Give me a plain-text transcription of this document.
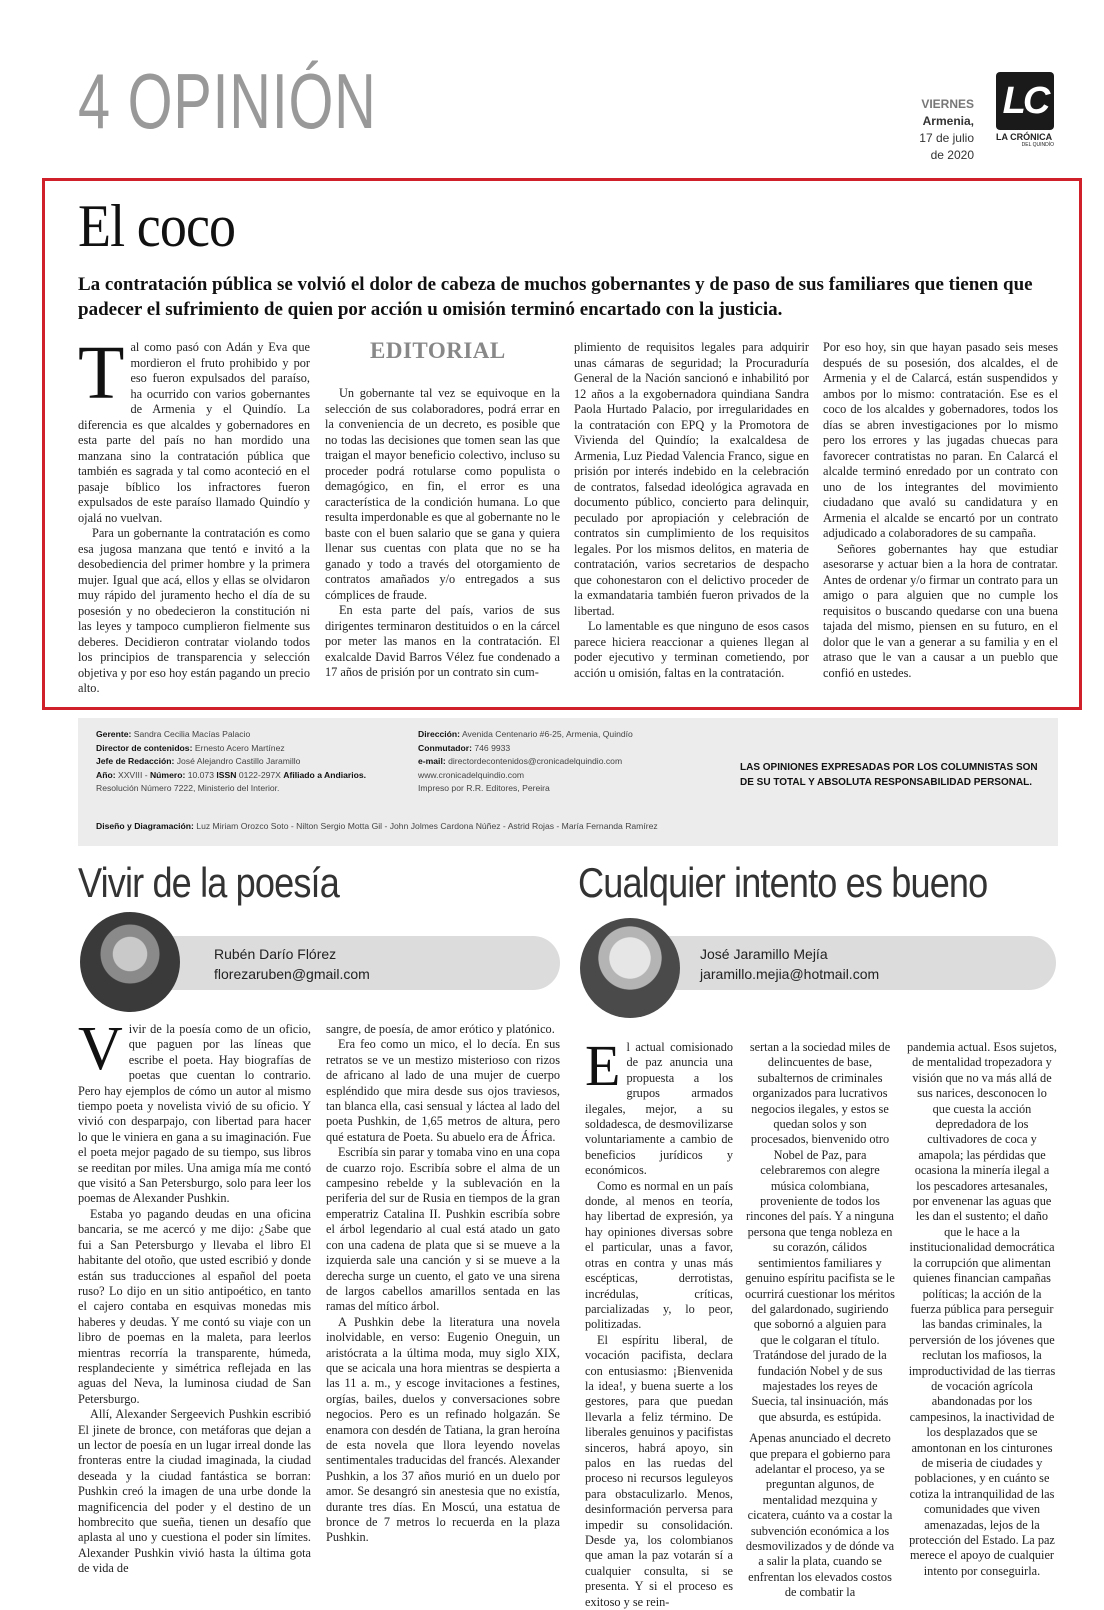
4 OPINIÓN	VIERNES
Armenia,
17 de julio
de 2020
LC
LA CRÓNICA
DEL QUINDÍO
El coco
La contratación pública se volvió el dolor de cabeza de muchos gobernantes y de paso de sus familiares que tienen que padecer el sufrimiento de quien por acción u omisión terminó encartado con la justicia.
T al como pasó con Adán y Eva que mordieron el fruto prohibido y por eso fueron expulsados del paraíso, ha ocurrido con varios gobernantes de Armenia y el Quindío. La diferencia es que alcaldes y gobernadores en esta parte del país no han mordido una manzana sino la contratación pública que también es sagrada y tal como aconteció en el pasaje bíblico los infractores fueron expulsados de este paraíso llamado Quindío y ojalá no vuelvan.

Para un gobernante la contratación es como esa jugosa manzana que tentó e invitó a la desobediencia del primer hombre y la primera mujer. Igual que acá, ellos y ellas se olvidaron muy rápido del juramento hecho el día de su posesión y no obedecieron la constitución ni las leyes y tampoco cumplieron fielmente sus deberes. Decidieron contratar violando todos los principios de transparencia y selección objetiva y por eso hoy están pagando un precio alto.

EDITORIAL

Un gobernante tal vez se equivoque en la selección de sus colaboradores, podrá errar en la conveniencia de un decreto, es posible que no todas las decisiones que tomen sean las que traigan el mayor beneficio colectivo, incluso su proceder podrá rotularse como populista o demagógico, en fin, el error es una característica de la condición humana. Lo que resulta imperdonable es que al gobernante no le baste con el buen salario que se gana y quiera llenar sus cuentas con plata que no se ha ganado y todo a través del otorgamiento de contratos amañados y/o entregados a sus cómplices de fraude.

En esta parte del país, varios de sus dirigentes terminaron destituidos o en la cárcel por meter las manos en la contratación. El exalcalde David Barros Vélez fue condenado a 17 años de prisión por un contrato sin cum-

plimiento de requisitos legales para adquirir unas cámaras de seguridad; la Procuraduría General de la Nación sancionó e inhabilitó por 12 años a la exgobernadora quindiana Sandra Paola Hurtado Palacio, por irregularidades en la contratación con EPQ y la Promotora de Vivienda del Quindío; la exalcaldesa de Armenia, Luz Piedad Valencia Franco, sigue en prisión por interés indebido en la celebración de contratos, falsedad ideológica agravada en documento público, concierto para delinquir, peculado por apropiación y celebración de contratos sin cumplimiento de los requisitos legales. Por los mismos delitos, en materia de contratación, varios secretarios de despacho que cohonestaron con el delictivo proceder de la exmandataria también fueron privados de la libertad.

Lo lamentable es que ninguno de esos casos parece hiciera reaccionar a quienes llegan al poder ejecutivo y terminan cometiendo, por acción u omisión, faltas en la contratación.

Por eso hoy, sin que hayan pasado seis meses después de su posesión, dos alcaldes, el de Armenia y el de Calarcá, están suspendidos y ambos por lo mismo: contratación. Ese es el coco de los alcaldes y gobernadores, todos los días se abren investigaciones por lo mismo pero los errores y las jugadas chuecas para favorecer contratistas no paran. En Calarcá el alcalde terminó enredado por un contrato con uno de los integrantes del movimiento ciudadano que avaló su candidatura y en Armenia el alcalde se encartó por un contrato adjudicado a colaboradores de su campaña.

Señores gobernantes hay que estudiar asesorarse y actuar bien a la hora de contratar. Antes de ordenar y/o firmar un contrato para un amigo o para alguien que no cumple los requisitos o buscando quedarse con una buena tajada del mismo, piensen en su futuro, en el dolor que le van a generar a su familia y en el atraso que le van a causar a un pueblo que confió en ustedes.

Gerente: Sandra Cecilia Macías Palacio
Director de contenidos: Ernesto Acero Martínez
Jefe de Redacción: José Alejandro Castillo Jaramillo
Año: XXVIII - Número: 10.073 ISSN 0122-297X Afiliado a Andiarios.
Resolución Número 7222, Ministerio del Interior.
Dirección: Avenida Centenario #6-25, Armenia, Quindío
Conmutador: 746 9933
e-mail: directordecontenidos@cronicadelquindio.com
www.cronicadelquindio.com
Impreso por R.R. Editores, Pereira
LAS OPINIONES EXPRESADAS POR LOS COLUMNISTAS SON DE SU TOTAL Y ABSOLUTA RESPONSABILIDAD PERSONAL.
Diseño y Diagramación: Luz Miriam Orozco Soto - Nilton Sergio Motta Gil - John Jolmes Cardona Núñez - Astrid Rojas - María Fernanda Ramírez
Vivir de la poesía
Rubén Darío Flórez
florezaruben@gmail.com
V ivir de la poesía como de un oficio, que paguen por las líneas que escribe el poeta. Hay biografías de poetas que cuentan lo contrario. Pero hay ejemplos de cómo un autor al mismo tiempo poeta y novelista vivió de su oficio. Y vivió con desparpajo, con libertad para hacer lo que le viniera en gana a su imaginación. Fue el poeta mejor pagado de su tiempo, sus libros se reeditan por miles. Una amiga mía me contó que visitó a San Petersburgo, solo para leer los poemas de Alexander Pushkin.

Estaba yo pagando deudas en una oficina bancaria, se me acercó y me dijo: ¿Sabe que fui a San Petersburgo y llevaba el libro El habitante del otoño, que usted escribió y donde están sus traducciones al español del poeta ruso? Lo dijo en un sitio antipoético, en tanto el cajero contaba en esquivas monedas mis haberes y deudas. Y me contó su viaje con un libro de poemas en la maleta, para leerlos mientras recorría la transparente, húmeda, resplandeciente y simétrica reflejada en las aguas del Neva, la luminosa ciudad de San Petersburgo.

Allí, Alexander Sergeevich Pushkin escribió El jinete de bronce, con metáforas que dejan a un lector de poesía en un lugar irreal donde las fronteras entre la ciudad imaginada, la ciudad deseada y la ciudad fantástica se borran: Pushkin creó la imagen de una urbe donde la magnificencia del poder y el destino de un hombrecito que sueña, tienen un desafío que aplasta al uno y cuestiona el poder sin límites. Alexander Pushkin vivió hasta la última gota de vida de

sangre, de poesía, de amor erótico y platónico.

Era feo como un mico, el lo decía. En sus retratos se ve un mestizo misterioso con rizos de africano al lado de una mujer de cuerpo espléndido que mira desde sus ojos traviesos, tan blanca ella, casi sensual y láctea al lado del poeta Pushkin, de 1,65 metros de altura, pero qué estatura de Poeta. Su abuelo era de África.

Escribía sin parar y tomaba vino en una copa de cuarzo rojo. Escribía sobre el alma de un campesino rebelde y la sublevación en la periferia del sur de Rusia en tiempos de la gran emperatriz Catalina II. Pushkin escribía sobre el árbol legendario al cual está atado un gato con una cadena de plata que si se mueve a la izquierda sale una canción y si se mueve a la derecha surge un cuento, el gato ve una sirena de largos cabellos amarillos sentada en las ramas del mítico árbol.

A Pushkin debe la literatura una novela inolvidable, en verso: Eugenio Oneguin, un aristócrata a la última moda, muy siglo XIX, que se acicala una hora mientras se despierta a las 11 a. m., y escoge invitaciones a festines, orgías, bailes, duelos y conversaciones sobre negocios. Pero es un refinado holgazán. Se enamora con desdén de Tatiana, la gran heroína de esta novela que llora leyendo novelas sentimentales traducidas del francés. Alexander Pushkin, a los 37 años murió en un duelo por amor. Se desangró sin anestesia que no existía, durante tres días. En Moscú, una estatua de bronce de 7 metros lo recuerda en la plaza Pushkin.

Cualquier intento es bueno
José Jaramillo Mejía
jaramillo.mejia@hotmail.com
E l actual comisionado de paz anuncia una propuesta a los grupos armados ilegales, mejor, a su soldadesca, de desmovilizarse voluntariamente a cambio de beneficios jurídicos y económicos.

Como es normal en un país donde, al menos en teoría, hay libertad de expresión, ya hay opiniones diversas sobre el particular, unas a favor, otras en contra y unas más escépticas, derrotistas, incrédulas, críticas, parcializadas y, lo peor, politizadas.

El espíritu liberal, de vocación pacifista, declara con entusiasmo: ¡Bienvenida la idea!, y buena suerte a los gestores, para que puedan llevarla a feliz término. De liberales genuinos y pacifistas sinceros, habrá apoyo, sin palos en las ruedas del proceso ni recursos leguleyos para obstaculizarlo. Menos, desinformación perversa para impedir su consolidación. Desde ya, los colombianos que aman la paz votarán sí a cualquier consulta, si se presenta. Y si el proceso es exitoso y se rein-

sertan a la sociedad miles de delincuentes de base, subalternos de criminales organizados para lucrativos negocios ilegales, y estos se quedan solos y son procesados, bienvenido otro Nobel de Paz, para celebraremos con alegre música colombiana, proveniente de todos los rincones del país. Y a ninguna persona que tenga nobleza en su corazón, cálidos sentimientos familiares y genuino espíritu pacifista se le ocurrirá cuestionar los méritos del galardonado, sugiriendo que sobornó a alguien para que le colgaran el título. Tratándose del jurado de la fundación Nobel y de sus majestades los reyes de Suecia, tal insinuación, más que absurda, es estúpida.

Apenas anunciado el decreto que prepara el gobierno para adelantar el proceso, ya se preguntan algunos, de mentalidad mezquina y cicatera, cuánto va a costar la subvención económica a los desmovilizados y de dónde va a salir la plata, cuando se enfrentan los elevados costos de combatir la

pandemia actual. Esos sujetos, de mentalidad tropezadora y visión que no va más allá de sus narices, desconocen lo que cuesta la acción depredadora de los cultivadores de coca y amapola; las pérdidas que ocasiona la minería ilegal a los pescadores artesanales, por envenenar las aguas que les dan el sustento; el daño que le hace a la institucionalidad democrática la corrupción que alimentan quienes financian campañas políticas; la acción de la fuerza pública para perseguir las bandas criminales, la perversión de los jóvenes que reclutan los mafiosos, la improductividad de las tierras de vocación agrícola abandonadas por los campesinos, la inactividad de los desplazados que se amontonan en los cinturones de miseria de ciudades y poblaciones, y en cuánto se cotiza la intranquilidad de las comunidades que viven amenazadas, lejos de la protección del Estado. La paz merece el apoyo de cualquier intento por conseguirla.
